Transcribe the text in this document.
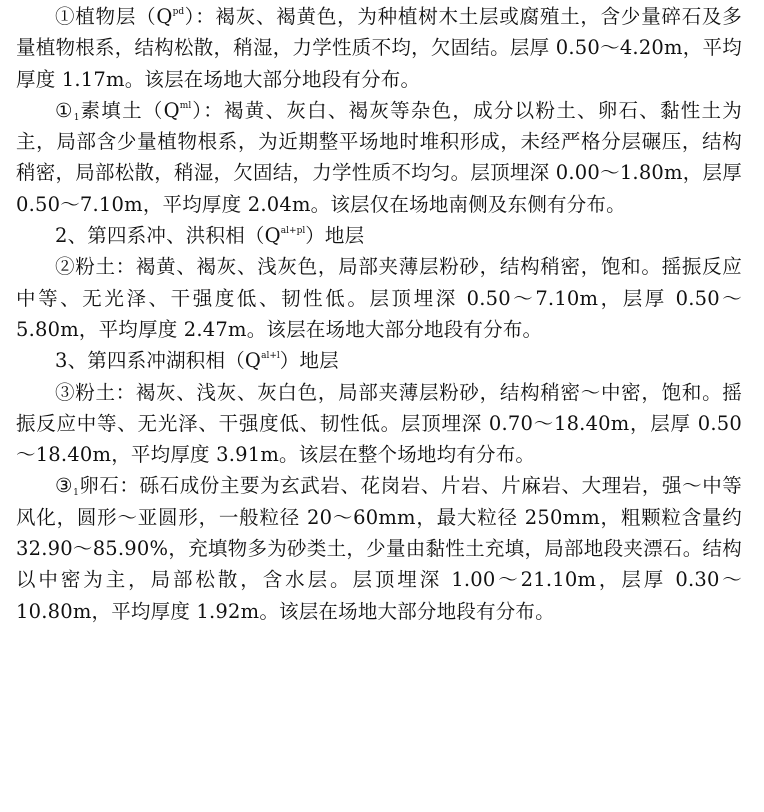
①植物层$(Q^{pd})$：褐灰、褐黄色，为种植树木土层或腐殖土，含少量碎石及多量植物根系，结构松散，稍湿，力学性质不均，欠固结。层厚 0.50～4.20m，平均厚度 1.17m。该层在场地大部分地段有分布。

$①_1$素填土$(Q^{ml})$：褐黄、灰白、褐灰等杂色，成分以粉土、卵石、黏性土为主，局部含少量植物根系，为近期整平场地时堆积形成，未经严格分层碾压，结构稍密，局部松散，稍湿，欠固结，力学性质不均匀。层顶埋深 0.00～1.80m，层厚 0.50～7.10m，平均厚度 2.04m。该层仅在场地南侧及东侧有分布。

2、第四系冲、洪积相$(Q^{al+pl})$地层

②粉土：褐黄、褐灰、浅灰色，局部夹薄层粉砂，结构稍密，饱和。摇振反应中等、无光泽、干强度低、韧性低。层顶埋深 0.50～7.10m，层厚 0.50～5.80m，平均厚度 2.47m。该层在场地大部分地段有分布。

3、第四系冲湖积相$(Q^{al+l})$地层

③粉土：褐灰、浅灰、灰白色，局部夹薄层粉砂，结构稍密～中密，饱和。摇振反应中等、无光泽、干强度低、韧性低。层顶埋深 0.70～18.40m，层厚 0.50～18.40m，平均厚度 3.91m。该层在整个场地均有分布。

$③_1$卵石：砾石成份主要为玄武岩、花岗岩、片岩、片麻岩、大理岩，强～中等风化，圆形～亚圆形，一般粒径 20～60mm，最大粒径 250mm，粗颗粒含量约 32.90～85.90%，充填物多为砂类土，少量由黏性土充填，局部地段夹漂石。结构以中密为主，局部松散，含水层。层顶埋深 1.00～21.10m，层厚 0.30～10.80m，平均厚度 1.92m。该层在场地大部分地段有分布。
